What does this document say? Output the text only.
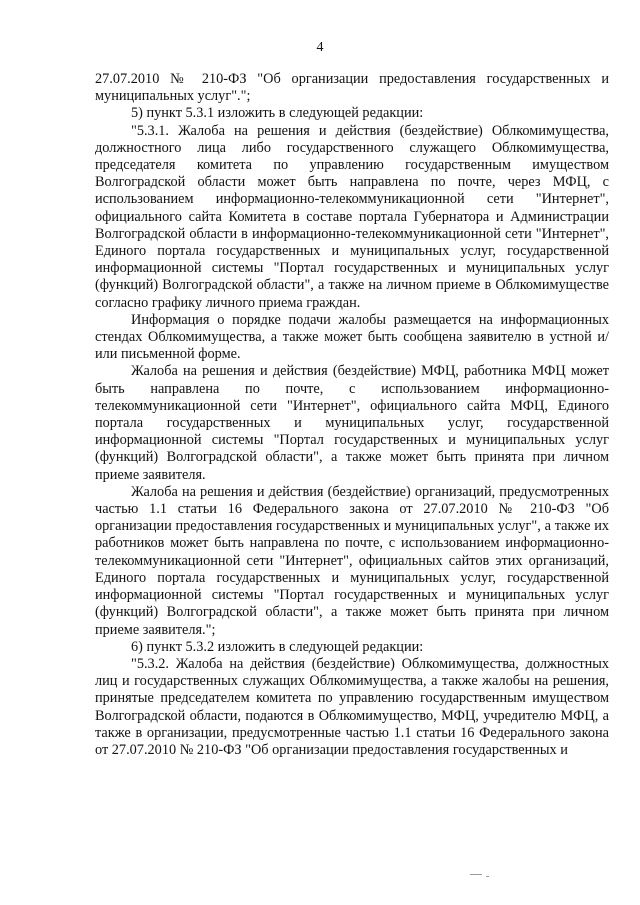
4

27.07.2010 № 210-ФЗ "Об организации предоставления государственных и муниципальных услуг".";

5) пункт 5.3.1 изложить в следующей редакции:

"5.3.1. Жалоба на решения и действия (бездействие) Облкомимущества, должностного лица либо государственного служащего Облкомимущества, председателя комитета по управлению государственным имуществом Волгоградской области может быть направлена по почте, через МФЦ, с использованием информационно-телекоммуникационной сети "Интернет", официального сайта Комитета в составе портала Губернатора и Администрации Волгоградской области в информационно-телекоммуникационной сети "Интернет", Единого портала государственных и муниципальных услуг, государственной информационной системы "Портал государственных и муниципальных услуг (функций) Волгоградской области", а также на личном приеме в Облкомимуществе согласно графику личного приема граждан.

Информация о порядке подачи жалобы размещается на информационных стендах Облкомимущества, а также может быть сообщена заявителю в устной и/или письменной форме.

Жалоба на решения и действия (бездействие) МФЦ, работника МФЦ может быть направлена по почте, с использованием информационно-телекоммуникационной сети "Интернет", официального сайта МФЦ, Единого портала государственных и муниципальных услуг, государственной информационной системы "Портал государственных и муниципальных услуг (функций) Волгоградской области", а также может быть принята при личном приеме заявителя.

Жалоба на решения и действия (бездействие) организаций, предусмотренных частью 1.1 статьи 16 Федерального закона от 27.07.2010 № 210-ФЗ "Об организации предоставления государственных и муниципальных услуг", а также их работников может быть направлена по почте, с использованием информационно-телекоммуникационной сети "Интернет", официальных сайтов этих организаций, Единого портала государственных и муниципальных услуг, государственной информационной системы "Портал государственных и муниципальных услуг (функций) Волгоградской области", а также может быть принята при личном приеме заявителя.";

6) пункт 5.3.2 изложить в следующей редакции:

"5.3.2. Жалоба на действия (бездействие) Облкомимущества, должностных лиц и государственных служащих Облкомимущества, а также жалобы на решения, принятые председателем комитета по управлению государственным имуществом Волгоградской области, подаются в Облкомимущество, МФЦ, учредителю МФЦ, а также в организации, предусмотренные частью 1.1 статьи 16 Федерального закона от 27.07.2010 № 210-ФЗ "Об организации предоставления государственных и
